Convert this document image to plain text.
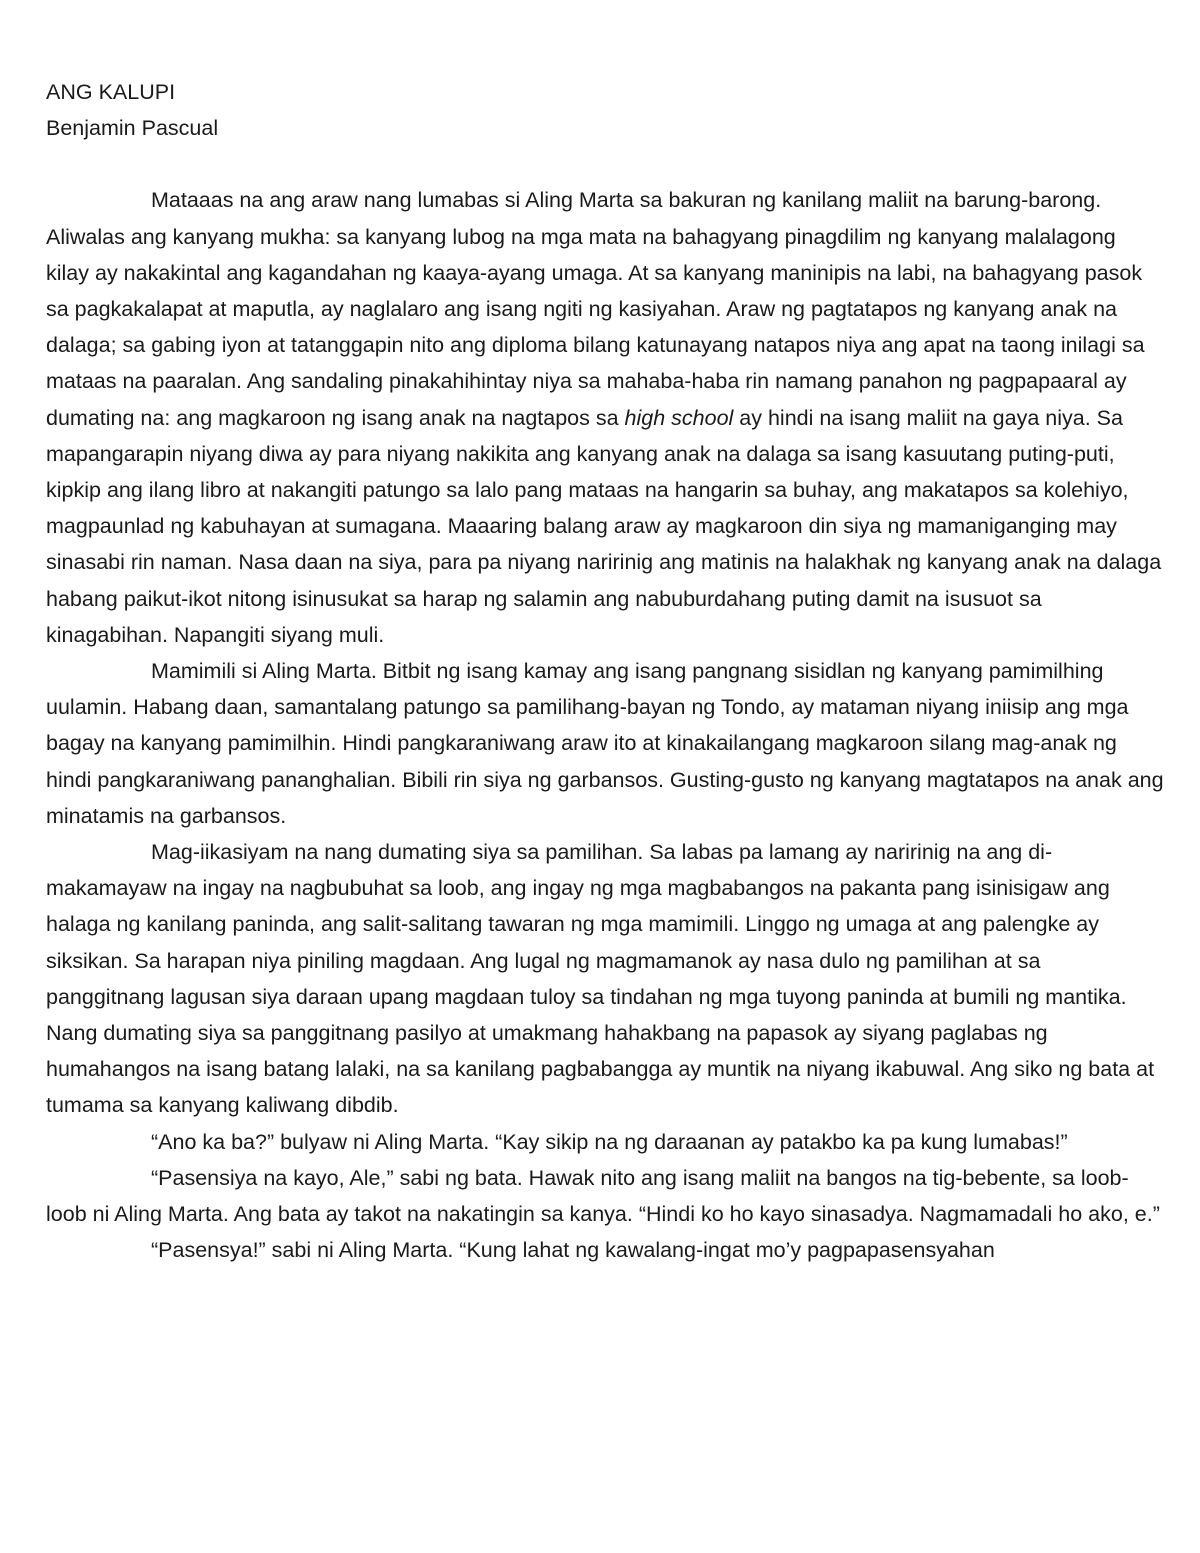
ANG KALUPI

Benjamin Pascual

Mataaas na ang araw nang lumabas si Aling Marta sa bakuran ng kanilang maliit na barung-barong. Aliwalas ang kanyang mukha: sa kanyang lubog na mga mata na bahagyang pinagdilim ng kanyang malalagong kilay ay nakakintal ang kagandahan ng kaaya-ayang umaga. At sa kanyang maninipis na labi, na bahagyang pasok sa pagkakalapat at maputla, ay naglalaro ang isang ngiti ng kasiyahan. Araw ng pagtatapos ng kanyang anak na dalaga; sa gabing iyon at tatanggapin nito ang diploma bilang katunayang natapos niya ang apat na taong inilagi sa mataas na paaralan. Ang sandaling pinakahihintay niya sa mahaba-haba rin namang panahon ng pagpapaaral ay dumating na: ang magkaroon ng isang anak na nagtapos sa high school ay hindi na isang maliit na gaya niya. Sa mapangarapin niyang diwa ay para niyang nakikita ang kanyang anak na dalaga sa isang kasuutang puting-puti, kipkip ang ilang libro at nakangiti patungo sa lalo pang mataas na hangarin sa buhay, ang makatapos sa kolehiyo, magpaunlad ng kabuhayan at sumagana. Maaaring balang araw ay magkaroon din siya ng mamaniganging may sinasabi rin naman. Nasa daan na siya, para pa niyang naririnig ang matinis na halakhak ng kanyang anak na dalaga habang paikut-ikot nitong isinusukat sa harap ng salamin ang nabuburdahang puting damit na isusuot sa kinagabihan. Napangiti siyang muli.

Mamimili si Aling Marta. Bitbit ng isang kamay ang isang pangnang sisidlan ng kanyang pamimilhing uulamin. Habang daan, samantalang patungo sa pamilihang-bayan ng Tondo, ay mataman niyang iniisip ang mga bagay na kanyang pamimilhin. Hindi pangkaraniwang araw ito at kinakailangang magkaroon silang mag-anak ng hindi pangkaraniwang pananghalian. Bibili rin siya ng garbansos. Gusting-gusto ng kanyang magtatapos na anak ang minatamis na garbansos.

Mag-iikasiyam na nang dumating siya sa pamilihan. Sa labas pa lamang ay naririnig na ang di-makamayaw na ingay na nagbubuhat sa loob, ang ingay ng mga magbabangos na pakanta pang isinisigaw ang halaga ng kanilang paninda, ang salit-salitang tawaran ng mga mamimili. Linggo ng umaga at ang palengke ay siksikan. Sa harapan niya piniling magdaan. Ang lugal ng magmamanok ay nasa dulo ng pamilihan at sa panggitnang lagusan siya daraan upang magdaan tuloy sa tindahan ng mga tuyong paninda at bumili ng mantika. Nang dumating siya sa panggitnang pasilyo at umakmang hahakbang na papasok ay siyang paglabas ng humahangos na isang batang lalaki, na sa kanilang pagbabangga ay muntik na niyang ikabuwal. Ang siko ng bata at tumama sa kanyang kaliwang dibdib.

“Ano ka ba?” bulyaw ni Aling Marta. “Kay sikip na ng daraanan ay patakbo ka pa kung lumabas!”

“Pasensiya na kayo, Ale,” sabi ng bata. Hawak nito ang isang maliit na bangos na tig-bebente, sa loob-loob ni Aling Marta. Ang bata ay takot na nakatingin sa kanya. “Hindi ko ho kayo sinasadya. Nagmamadali ho ako, e.”

“Pasensya!” sabi ni Aling Marta. “Kung lahat ng kawalang-ingat mo’y pagpapasensyahan
